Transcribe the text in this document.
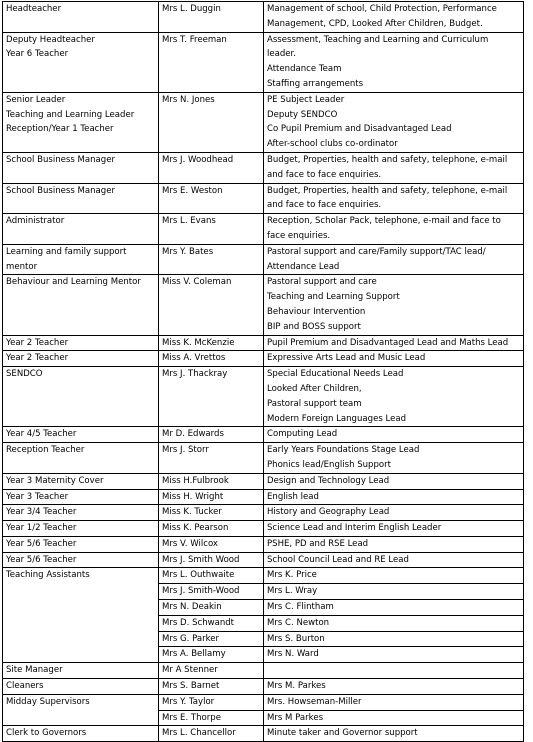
Headteacher	Mrs L. Duggin	Management of school, Child Protection, Performance
Management, CPD, Looked After Children, Budget.

Deputy Headteacher
Year 6 Teacher	Mrs T. Freeman	Assessment, Teaching and Learning and Curriculum
leader.
Attendance Team
Staffing arrangements

Senior Leader
Teaching and Learning Leader
Reception/Year 1 Teacher	Mrs N. Jones	PE Subject Leader
Deputy SENDCO
Co Pupil Premium and Disadvantaged Lead
After-school clubs co-ordinator

School Business Manager	Mrs J. Woodhead	Budget, Properties, health and safety, telephone, e-mail
and face to face enquiries.

School Business Manager	Mrs E. Weston	Budget, Properties, health and safety, telephone, e-mail
and face to face enquiries.

Administrator	Mrs L. Evans	Reception, Scholar Pack, telephone, e-mail and face to
face enquiries.

Learning and family support
mentor	Mrs Y. Bates	Pastoral support and care/Family support/TAC lead/
Attendance Lead

Behaviour and Learning Mentor	Miss V. Coleman	Pastoral support and care
Teaching and Learning Support
Behaviour Intervention
BIP and BOSS support

Year 2 Teacher	Miss K. McKenzie	Pupil Premium and Disadvantaged Lead and Maths Lead

Year 2 Teacher	Miss A. Vrettos	Expressive Arts Lead and Music Lead

SENDCO	Mrs J. Thackray	Special Educational Needs Lead
Looked After Children,
Pastoral support team
Modern Foreign Languages Lead

Year 4/5 Teacher	Mr D. Edwards	Computing Lead

Reception Teacher	Mrs J. Storr	Early Years Foundations Stage Lead
Phonics lead/English Support

Year 3 Maternity Cover	Miss H.Fulbrook	Design and Technology Lead

Year 3 Teacher	Miss H. Wright	English lead

Year 3/4 Teacher	Miss K. Tucker	History and Geography Lead

Year 1/2 Teacher	Miss K. Pearson	Science Lead and Interim English Leader

Year 5/6 Teacher	Mrs V. Wilcox	PSHE, PD and RSE Lead

Year 5/6 Teacher	Mrs J. Smith Wood	School Council Lead and RE Lead

Teaching Assistants	Mrs L. Outhwaite	Mrs K. Price
	Mrs J. Smith-Wood	Mrs L. Wray
	Mrs N. Deakin	Mrs C. Flintham
	Mrs D. Schwandt	Mrs C. Newton
	Mrs G. Parker	Mrs S. Burton
	Mrs A. Bellamy	Mrs N. Ward
Site Manager	Mr A Stenner	
Cleaners	Mrs S. Barnet	Mrs M. Parkes
Midday Supervisors	Mrs Y. Taylor	Mrs. Howseman-Miller
	Mrs E. Thorpe	Mrs M Parkes
Clerk to Governors	Mrs L. Chancellor	Minute taker and Governor support
